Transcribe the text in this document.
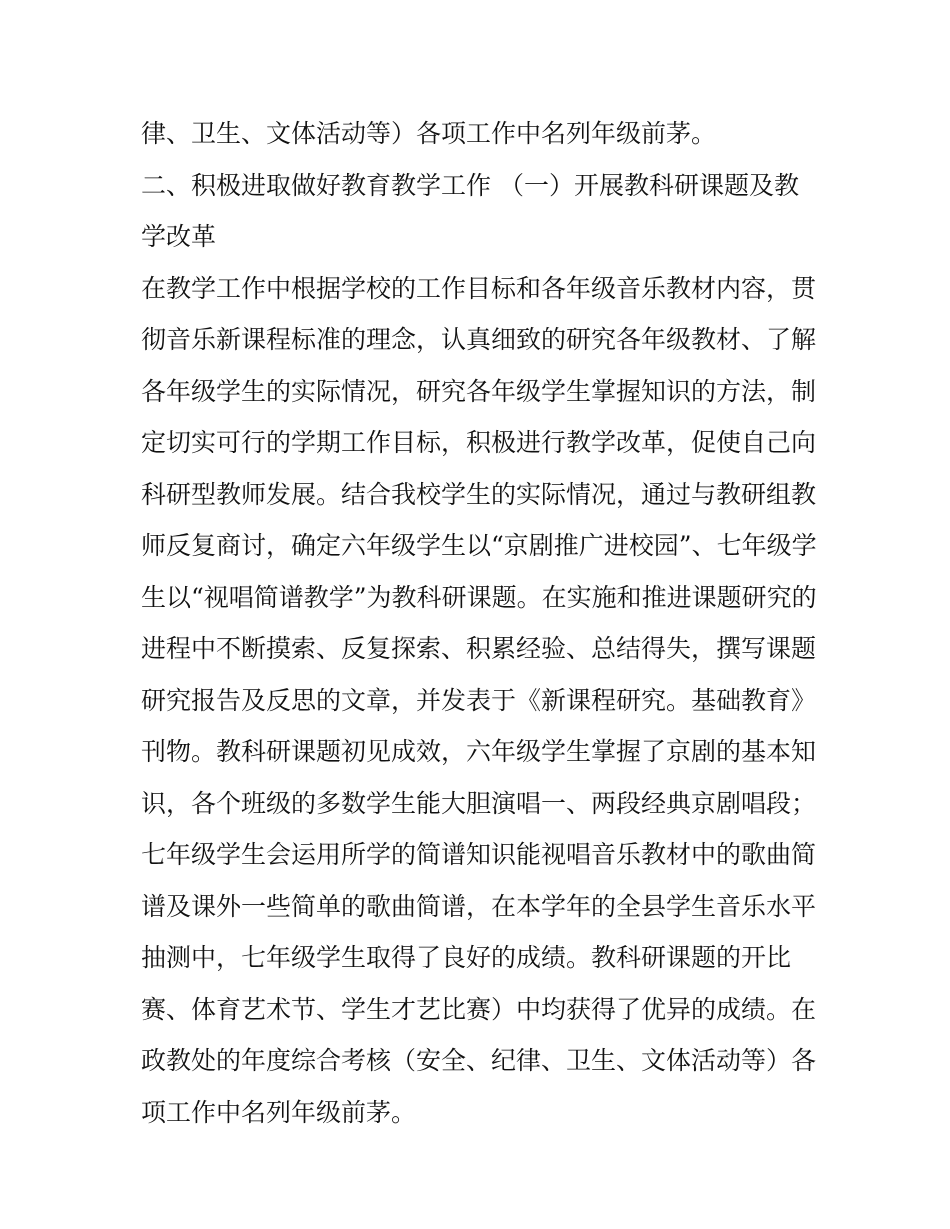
律、卫生、文体活动等）各项工作中名列年级前茅。
二、积极进取做好教育教学工作 （一）开展教科研课题及教
学改革
在教学工作中根据学校的工作目标和各年级音乐教材内容，贯
彻音乐新课程标准的理念，认真细致的研究各年级教材、了解
各年级学生的实际情况，研究各年级学生掌握知识的方法，制
定切实可行的学期工作目标，积极进行教学改革，促使自己向
科研型教师发展。结合我校学生的实际情况，通过与教研组教
师反复商讨，确定六年级学生以“京剧推广进校园”、七年级学
生以“视唱简谱教学”为教科研课题。在实施和推进课题研究的
进程中不断摸索、反复探索、积累经验、总结得失，撰写课题
研究报告及反思的文章，并发表于《新课程研究。基础教育》
刊物。教科研课题初见成效，六年级学生掌握了京剧的基本知
识，各个班级的多数学生能大胆演唱一、两段经典京剧唱段；
七年级学生会运用所学的简谱知识能视唱音乐教材中的歌曲简
谱及课外一些简单的歌曲简谱，在本学年的全县学生音乐水平
抽测中，七年级学生取得了良好的成绩。教科研课题的开比
赛、体育艺术节、学生才艺比赛）中均获得了优异的成绩。在
政教处的年度综合考核（安全、纪律、卫生、文体活动等）各
项工作中名列年级前茅。
